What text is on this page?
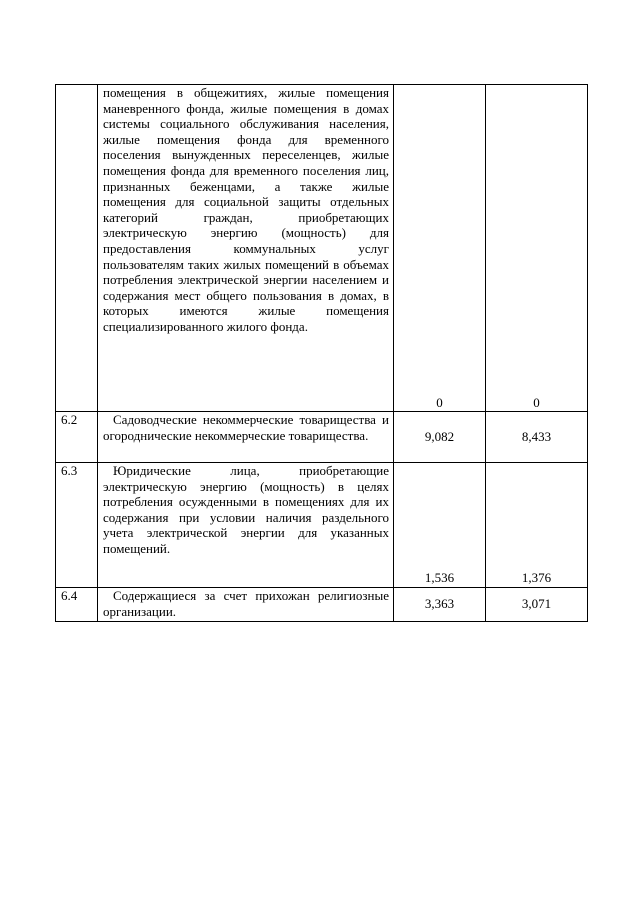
	помещения в общежитиях, жилые помещения маневренного фонда, жилые помещения в домах системы социального обслуживания населения, жилые помещения фонда для временного поселения вынужденных переселенцев, жилые помещения фонда для временного поселения лиц, признанных беженцами, а также жилые помещения для социальной защиты отдельных категорий граждан, приобретающих электрическую энергию (мощность) для предоставления коммунальных услуг пользователям таких жилых помещений в объемах потребления электрической энергии населением и содержания мест общего пользования в домах, в которых имеются жилые помещения специализированного жилого фонда.	0	0
6.2	Садоводческие некоммерческие товарищества и огороднические некоммерческие товарищества.	9,082	8,433
6.3	Юридические лица, приобретающие электрическую энергию (мощность) в целях потребления осужденными в помещениях для их содержания при условии наличия раздельного учета электрической энергии для указанных помещений.	1,536	1,376
6.4	Содержащиеся за счет прихожан религиозные организации.	3,363	3,071
